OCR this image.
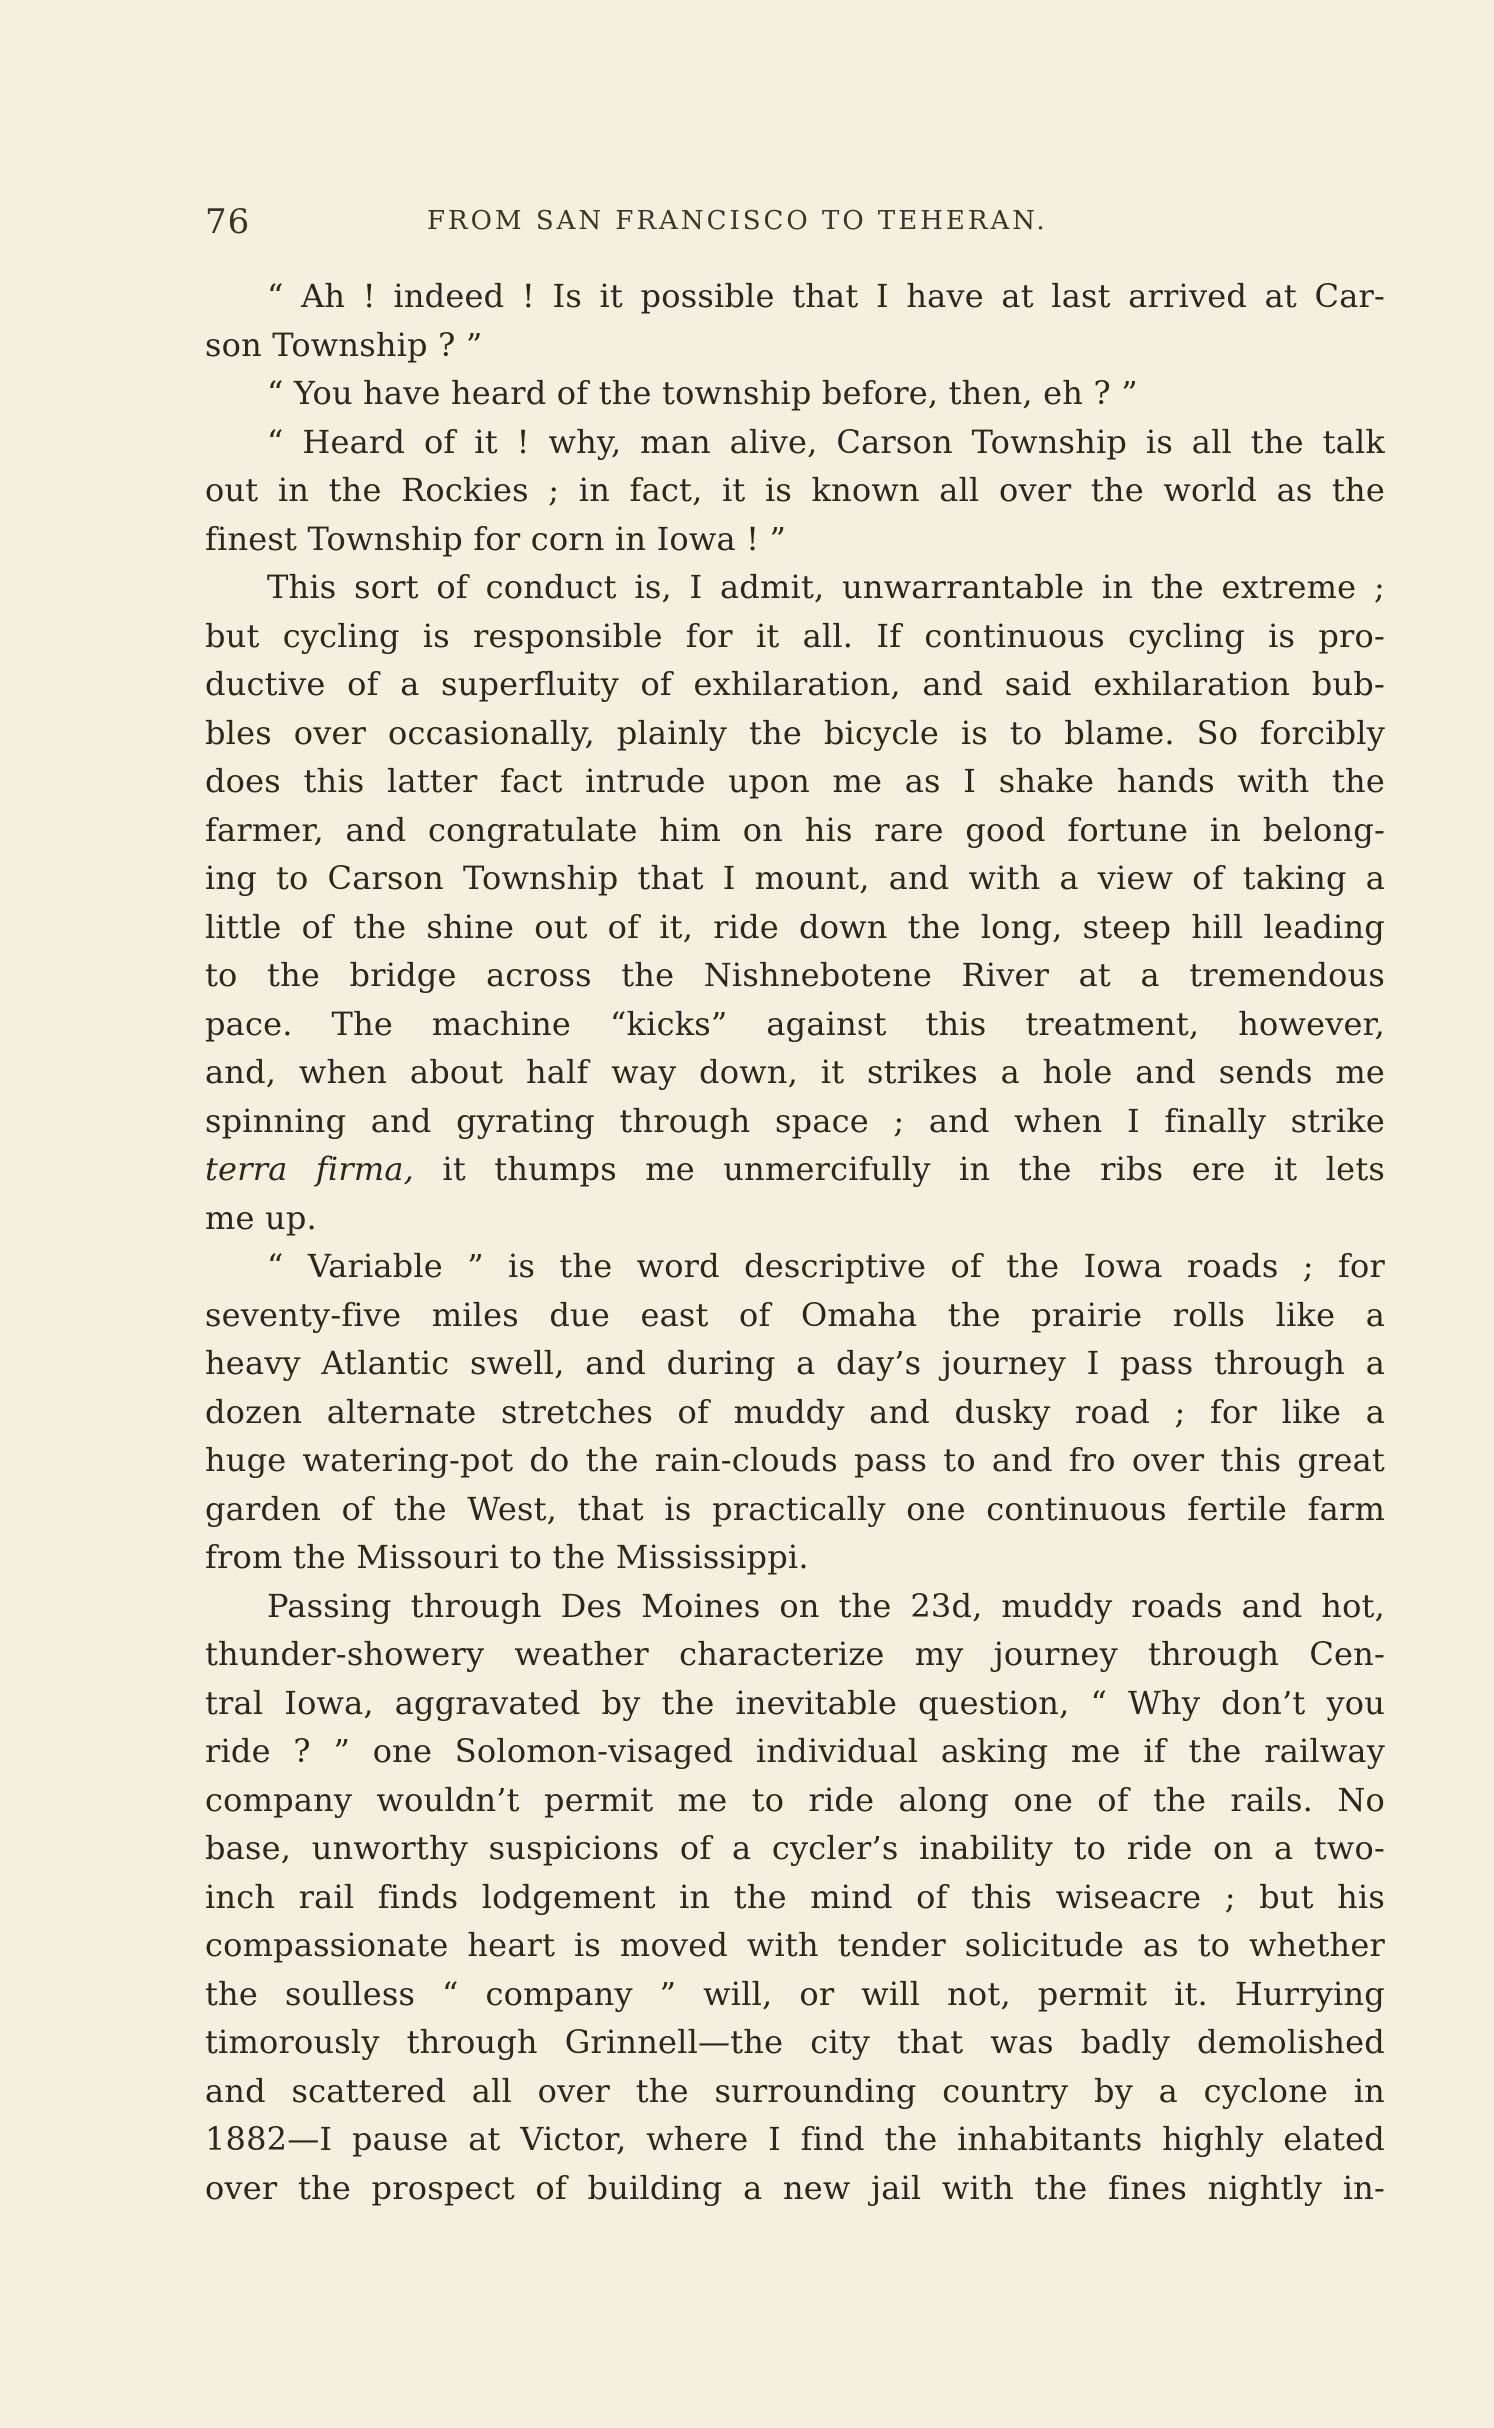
76	FROM SAN FRANCISCO TO TEHERAN.
“ Ah ! indeed ! Is it possible that I have at last arrived at Car-
son Township ? ”
“ You have heard of the township before, then, eh ? ”
“ Heard of it ! why, man alive, Carson Township is all the talk
out in the Rockies ; in fact, it is known all over the world as the
finest Township for corn in Iowa ! ”
This sort of conduct is, I admit, unwarrantable in the extreme ;
but cycling is responsible for it all. If continuous cycling is pro-
ductive of a superfluity of exhilaration, and said exhilaration bub-
bles over occasionally, plainly the bicycle is to blame. So forcibly
does this latter fact intrude upon me as I shake hands with the
farmer, and congratulate him on his rare good fortune in belong-
ing to Carson Township that I mount, and with a view of taking a
little of the shine out of it, ride down the long, steep hill leading
to the bridge across the Nishnebotene River at a tremendous
pace. The machine “kicks” against this treatment, however,
and, when about half way down, it strikes a hole and sends me
spinning and gyrating through space ; and when I finally strike
terra firma, it thumps me unmercifully in the ribs ere it lets
me up.
“ Variable ” is the word descriptive of the Iowa roads ; for
seventy-five miles due east of Omaha the prairie rolls like a
heavy Atlantic swell, and during a day’s journey I pass through a
dozen alternate stretches of muddy and dusky road ; for like a
huge watering-pot do the rain-clouds pass to and fro over this great
garden of the West, that is practically one continuous fertile farm
from the Missouri to the Mississippi.
Passing through Des Moines on the 23d, muddy roads and hot,
thunder-showery weather characterize my journey through Cen-
tral Iowa, aggravated by the inevitable question, “ Why don’t you
ride ? ” one Solomon-visaged individual asking me if the railway
company wouldn’t permit me to ride along one of the rails. No
base, unworthy suspicions of a cycler’s inability to ride on a two-
inch rail finds lodgement in the mind of this wiseacre ; but his
compassionate heart is moved with tender solicitude as to whether
the soulless “ company ” will, or will not, permit it. Hurrying
timorously through Grinnell—the city that was badly demolished
and scattered all over the surrounding country by a cyclone in
1882—I pause at Victor, where I find the inhabitants highly elated
over the prospect of building a new jail with the fines nightly in-
